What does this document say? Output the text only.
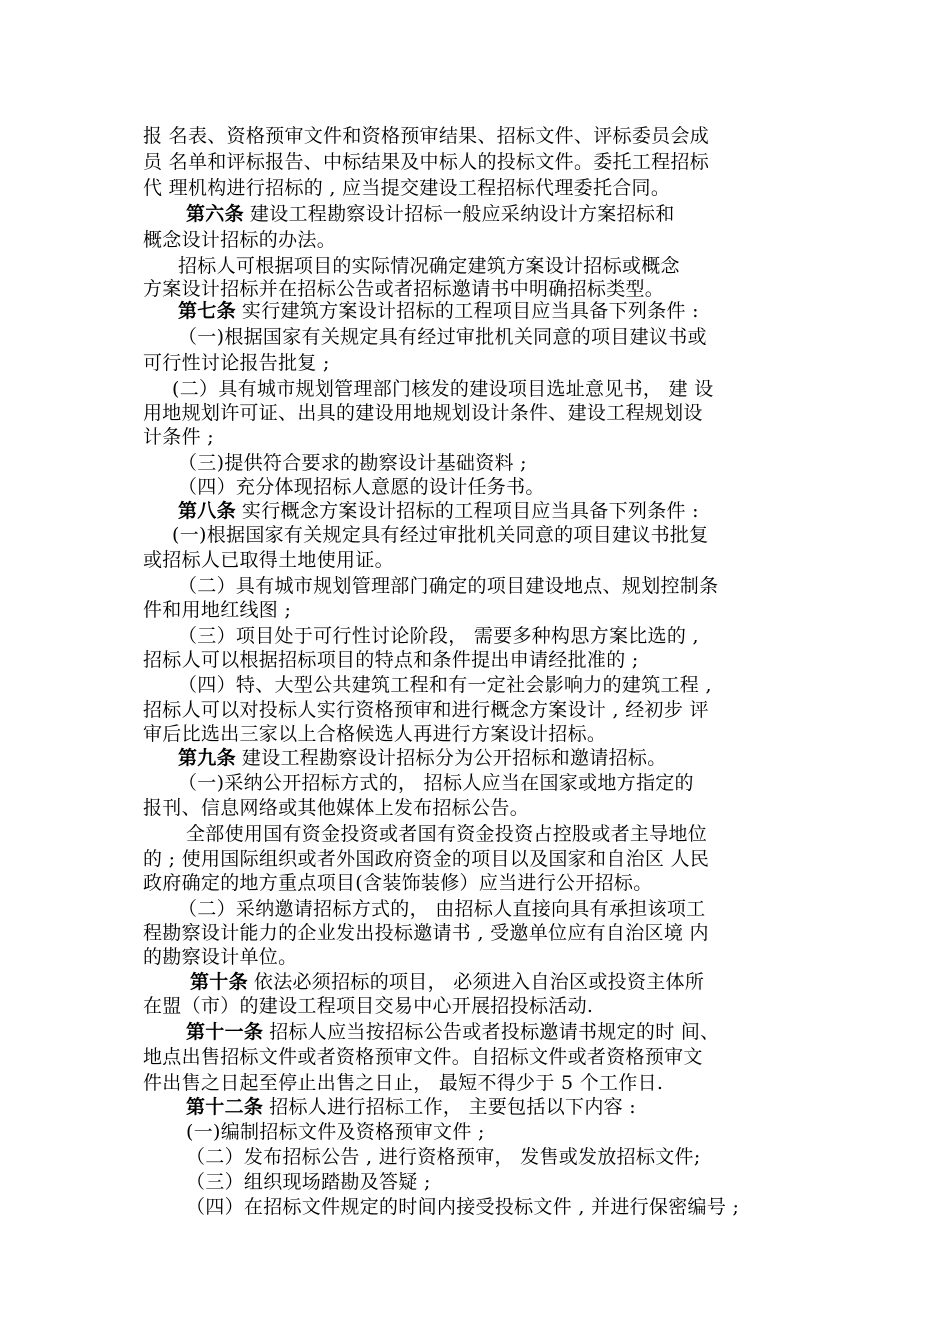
报 名表、资格预审文件和资格预审结果、招标文件、评标委员会成
员 名单和评标报告、中标结果及中标人的投标文件。委托工程招标
代 理机构进行招标的 , 应当提交建设工程招标代理委托合同。
第六条 建设工程勘察设计招标一般应采纳设计方案招标和
概念设计招标的办法。
招标人可根据项目的实际情况确定建筑方案设计招标或概念
方案设计招标并在招标公告或者招标邀请书中明确招标类型。
第七条 实行建筑方案设计招标的工程项目应当具备下列条件 :
（一)根据国家有关规定具有经过审批机关同意的项目建议书或
可行性讨论报告批复 ;
(二）具有城市规划管理部门核发的建设项目选址意见书， 建 设
用地规划许可证、出具的建设用地规划设计条件、建设工程规划设
计条件 ;
（三)提供符合要求的勘察设计基础资料 ;
（四）充分体现招标人意愿的设计任务书。
第八条 实行概念方案设计招标的工程项目应当具备下列条件 :
(一)根据国家有关规定具有经过审批机关同意的项目建议书批复
或招标人已取得土地使用证。
（二）具有城市规划管理部门确定的项目建设地点、规划控制条
件和用地红线图 ;
（三）项目处于可行性讨论阶段， 需要多种构思方案比选的 ,
招标人可以根据招标项目的特点和条件提出申请经批准的 ;
（四）特、大型公共建筑工程和有一定社会影响力的建筑工程 ,
招标人可以对投标人实行资格预审和进行概念方案设计 , 经初步 评
审后比选出三家以上合格候选人再进行方案设计招标。
第九条 建设工程勘察设计招标分为公开招标和邀请招标。
（一)采纳公开招标方式的， 招标人应当在国家或地方指定的
报刊、信息网络或其他媒体上发布招标公告。
全部使用国有资金投资或者国有资金投资占控股或者主导地位
的 ; 使用国际组织或者外国政府资金的项目以及国家和自治区 人民
政府确定的地方重点项目(含装饰装修）应当进行公开招标。
（二）采纳邀请招标方式的， 由招标人直接向具有承担该项工
程勘察设计能力的企业发出投标邀请书 , 受邀单位应有自治区境 内
的勘察设计单位。
第十条 依法必须招标的项目， 必须进入自治区或投资主体所
在盟（市）的建设工程项目交易中心开展招投标活动.
第十一条 招标人应当按招标公告或者投标邀请书规定的时 间、
地点出售招标文件或者资格预审文件。自招标文件或者资格预审文
件出售之日起至停止出售之日止， 最短不得少于 5 个工作日.
第十二条 招标人进行招标工作， 主要包括以下内容 :
(一)编制招标文件及资格预审文件 ;
（二）发布招标公告 , 进行资格预审， 发售或发放招标文件;
（三）组织现场踏勘及答疑 ;
（四）在招标文件规定的时间内接受投标文件 , 并进行保密编号 ;
